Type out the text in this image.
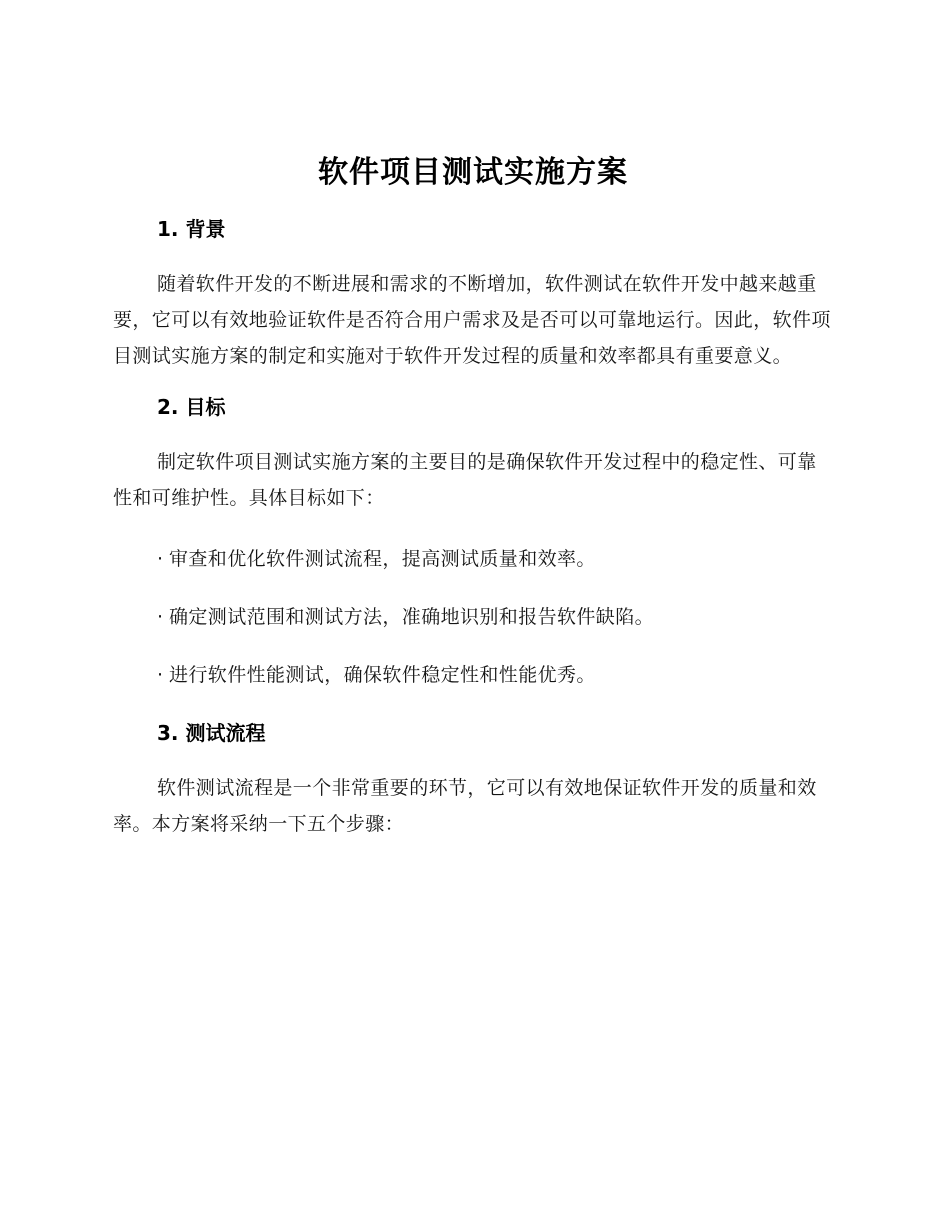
软件项目测试实施方案
1. 背景

随着软件开发的不断进展和需求的不断增加，软件测试在软件开发中越来越重要，它可以有效地验证软件是否符合用户需求及是否可以可靠地运行。因此，软件项目测试实施方案的制定和实施对于软件开发过程的质量和效率都具有重要意义。

2. 目标

制定软件项目测试实施方案的主要目的是确保软件开发过程中的稳定性、可靠性和可维护性。具体目标如下：

· 审查和优化软件测试流程，提高测试质量和效率。
· 确定测试范围和测试方法，准确地识别和报告软件缺陷。
· 进行软件性能测试，确保软件稳定性和性能优秀。
3. 测试流程

软件测试流程是一个非常重要的环节，它可以有效地保证软件开发的质量和效率。本方案将采纳一下五个步骤：
